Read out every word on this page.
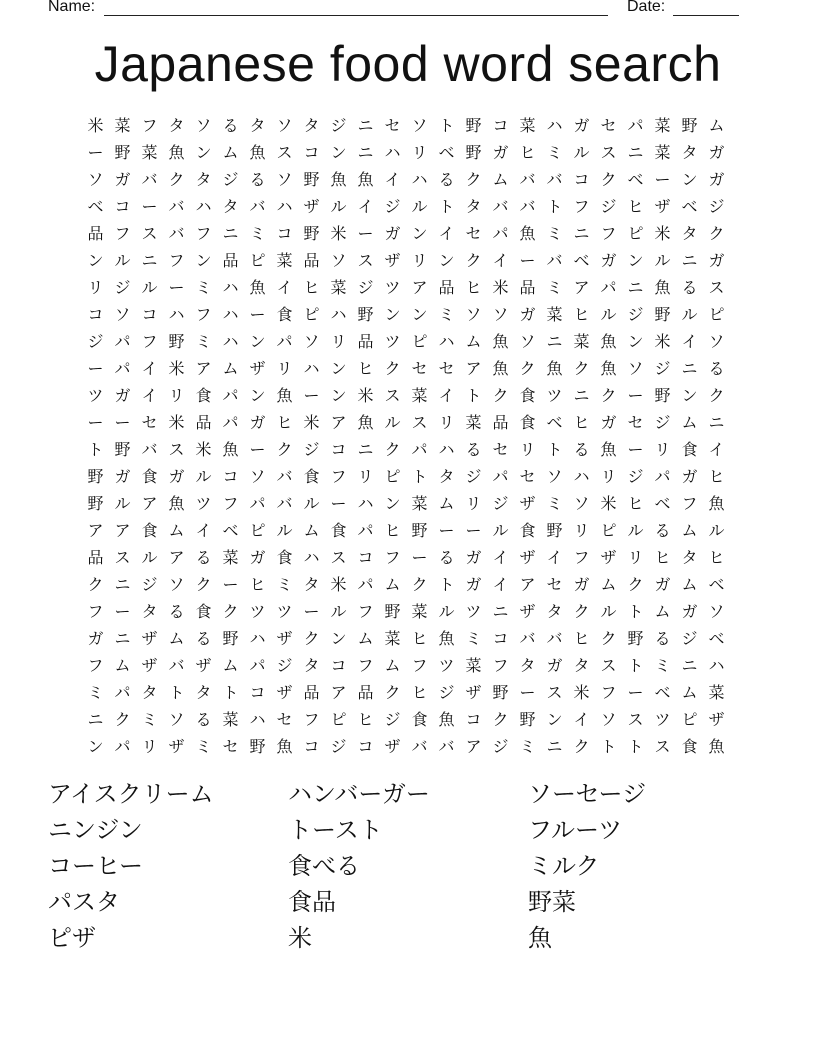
Name:	Date:
Japanese food word search
米 菜 フ タ ソ る タ ソ タ ジ ニ セ ソ ト 野 コ 菜 ハ ガ セ パ 菜 野 ム
ー 野 菜 魚 ン ム 魚 ス コ ン ニ ハ リ ベ 野 ガ ヒ ミ ル ス ニ 菜 タ ガ
ソ ガ バ ク タ ジ る ソ 野 魚 魚 イ ハ る ク ム バ バ コ ク ベ ー ン ガ
ベ コ ー バ ハ タ バ ハ ザ ル イ ジ ル ト タ バ バ ト フ ジ ヒ ザ ベ ジ
品 フ ス バ フ ニ ミ コ 野 米 ー ガ ン イ セ パ 魚 ミ ニ フ ピ 米 タ ク
ン ル ニ フ ン 品 ピ 菜 品 ソ ス ザ リ ン ク イ ー バ ベ ガ ン ル ニ ガ
リ ジ ル ー ミ ハ 魚 イ ヒ 菜 ジ ツ ア 品 ヒ 米 品 ミ ア パ ニ 魚 る ス
コ ソ コ ハ フ ハ ー 食 ピ ハ 野 ン ン ミ ソ ソ ガ 菜 ヒ ル ジ 野 ル ピ
ジ パ フ 野 ミ ハ ン パ ソ リ 品 ツ ピ ハ ム 魚 ソ ニ 菜 魚 ン 米 イ ソ
ー パ イ 米 ア ム ザ リ ハ ン ヒ ク セ セ ア 魚 ク 魚 ク 魚 ソ ジ ニ る
ツ ガ イ リ 食 パ ン 魚 ー ン 米 ス 菜 イ ト ク 食 ツ ニ ク ー 野 ン ク
ー ー セ 米 品 パ ガ ヒ 米 ア 魚 ル ス リ 菜 品 食 ベ ヒ ガ セ ジ ム ニ
ト 野 バ ス 米 魚 ー ク ジ コ ニ ク パ ハ る セ リ ト る 魚 ー リ 食 イ
野 ガ 食 ガ ル コ ソ バ 食 フ リ ピ ト タ ジ パ セ ソ ハ リ ジ パ ガ ヒ
野 ル ア 魚 ツ フ パ バ ル ー ハ ン 菜 ム リ ジ ザ ミ ソ 米 ヒ ベ フ 魚
ア ア 食 ム イ ベ ピ ル ム 食 パ ヒ 野 ー ー ル 食 野 リ ピ ル る ム ル
品 ス ル ア る 菜 ガ 食 ハ ス コ フ ー る ガ イ ザ イ フ ザ リ ヒ タ ヒ
ク ニ ジ ソ ク ー ヒ ミ タ 米 パ ム ク ト ガ イ ア セ ガ ム ク ガ ム ベ
フ ー タ る 食 ク ツ ツ ー ル フ 野 菜 ル ツ ニ ザ タ ク ル ト ム ガ ソ
ガ ニ ザ ム る 野 ハ ザ ク ン ム 菜 ヒ 魚 ミ コ バ バ ヒ ク 野 る ジ ベ
フ ム ザ バ ザ ム パ ジ タ コ フ ム フ ツ 菜 フ タ ガ タ ス ト ミ ニ ハ
ミ パ タ ト タ ト コ ザ 品 ア 品 ク ヒ ジ ザ 野 ー ス 米 フ ー ベ ム 菜
ニ ク ミ ソ る 菜 ハ セ フ ピ ヒ ジ 食 魚 コ ク 野 ン イ ソ ス ツ ピ ザ
ン パ リ ザ ミ セ 野 魚 コ ジ コ ザ バ バ ア ジ ミ ニ ク ト ト ス 食 魚
アイスクリーム
ニンジン
コーヒー
パスタ
ピザ
ハンバーガー
トースト
食べる
食品
米
ソーセージ
フルーツ
ミルク
野菜
魚
